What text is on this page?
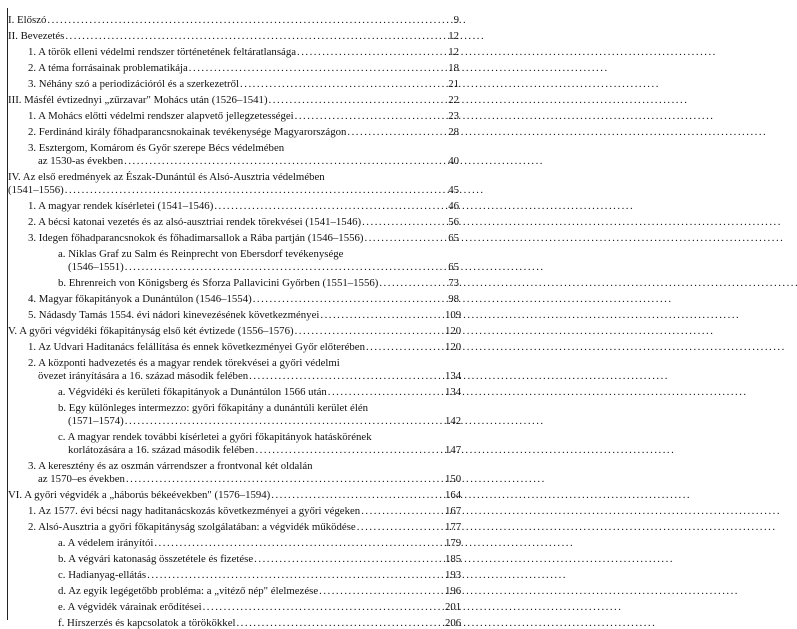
I. Előszó . . .	9
II. Bevezetés . . .	12
1. A török elleni védelmi rendszer történetének feltáratlansága . . .	12
2. A téma forrásainak problematikája . . .	18
3. Néhány szó a periodizációról és a szerkezetről . . .	21
III. Másfél évtizednyi „zűrzavar" Mohács után (1526–1541) . . .	22
1. A Mohács előtti védelmi rendszer alapvető jellegzetességei . . .	23
2. Ferdinánd király főhadparancsnokainak tevékenysége Magyarországon . . .	28
3. Esztergom, Komárom és Győr szerepe Bécs védelmében
az 1530-as években . . .	40
IV. Az első eredmények az Észak-Dunántúl és Alsó-Ausztria védelmében
(1541–1556) . . .	45
1. A magyar rendek kísérletei (1541–1546) . . .	46
2. A bécsi katonai vezetés és az alsó-ausztriai rendek törekvései (1541–1546) . . .	56
3. Idegen főhadparancsnokok és főhadimarsallok a Rába partján (1546–1556) . . .	65
a. Niklas Graf zu Salm és Reinprecht von Ebersdorf tevékenysége
(1546–1551) . . .	65
b. Ehrenreich von Königsberg és Sforza Pallavicini Győrben (1551–1556) . . .	73
4. Magyar főkapitányok a Dunántúlon (1546–1554) . . .	98
5. Nádasdy Tamás 1554. évi nádori kinevezésének következményei . . .	109
V. A győri végvidéki főkapitányság első két évtizede (1556–1576) . . .	120
1. Az Udvari Haditanács felállítása és ennek következményei Győr előterében . . .	120
2. A központi hadvezetés és a magyar rendek törekvései a győri védelmi
övezet irányítására a 16. század második felében . . .	134
a. Végvidéki és kerületi főkapitányok a Dunántúlon 1566 után . . .	134
b. Egy különleges intermezzo: győri főkapitány a dunántúli kerület élén
(1571–1574) . . .	142
c. A magyar rendek további kísérletei a győri főkapitányok hatáskörének
korlátozására a 16. század második felében . . .	147
3. A keresztény és az oszmán várrendszer a frontvonal két oldalán
az 1570–es években . . .	150
VI. A győri végvidék a „háborús békeévekben" (1576–1594) . . .	164
1. Az 1577. évi bécsi nagy haditanácskozás következményei a győri végeken . . .	167
2. Alsó-Ausztria a győri főkapitányság szolgálatában: a végvidék működése . . .	177
a. A védelem irányítói . . .	179
b. A végvári katonaság összetétele és fizetése . . .	185
c. Hadianyag-ellátás . . .	193
d. Az egyik legégetőbb probléma: a „vitéző nép" élelmezése . . .	196
e. A végvidék várainak erődítései . . .	201
f. Hírszerzés és kapcsolatok a törökökkel . . .	206
